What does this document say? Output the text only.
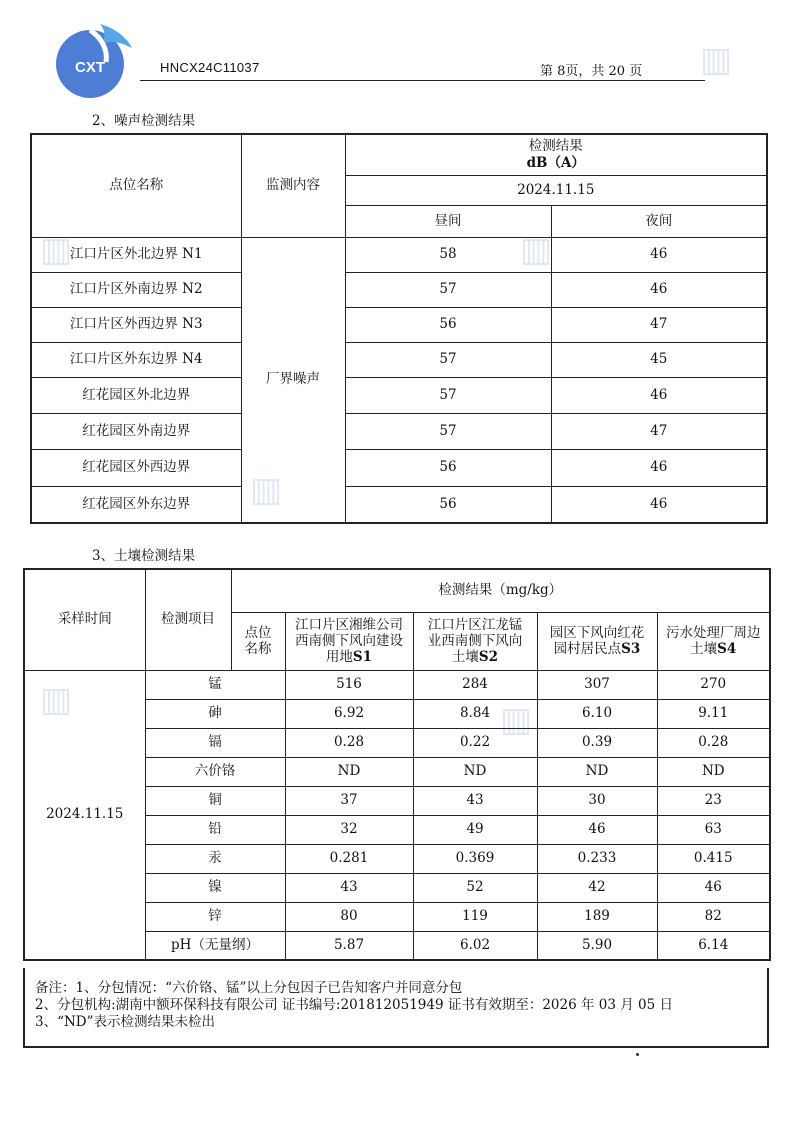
▥
▥
▥
▥
▥	▥
CXT	HNCX24C11037	第 8页，共 20 页
2、噪声检测结果
点位名称	监测内容	检测结果
dB（A）	

		2024.11.15	
		昼间	夜间
江口片区外北边界 N1	厂界噪声	58	46
江口片区外南边界 N2		57	46
江口片区外西边界 N3		56	47
江口片区外东边界 N4		57	45
红花园区外北边界		57	46
红花园区外南边界		57	47
红花园区外西边界		56	46
红花园区外东边界		56	46
3、土壤检测结果
采样时间	检测项目	检测结果（mg/kg）				

		点位名称	江口片区湘维公司西南侧下风向建设用地S1	江口片区江龙锰业西南侧下风向土壤S2	园区下风向红花园村居民点S3	污水处理厂周边土壤S4
2024.11.15	锰		516	284	307	270
	砷		6.92	8.84	6.10	9.11
	镉		0.28	0.22	0.39	0.28
	六价铬		ND	ND	ND	ND
	铜		37	43	30	23
	铅		32	49	46	63
	汞		0.281	0.369	0.233	0.415
	镍		43	52	42	46
	锌		80	119	189	82
	pH（无量纲）		5.87	6.02	5.90	6.14
备注：1、分包情况：“六价铬、锰”以上分包因子已告知客户并同意分包
2、分包机构:湖南中额环保科技有限公司 证书编号:201812051949 证书有效期至：2026 年 03 月 05 日
3、“ND”表示检测结果未检出
